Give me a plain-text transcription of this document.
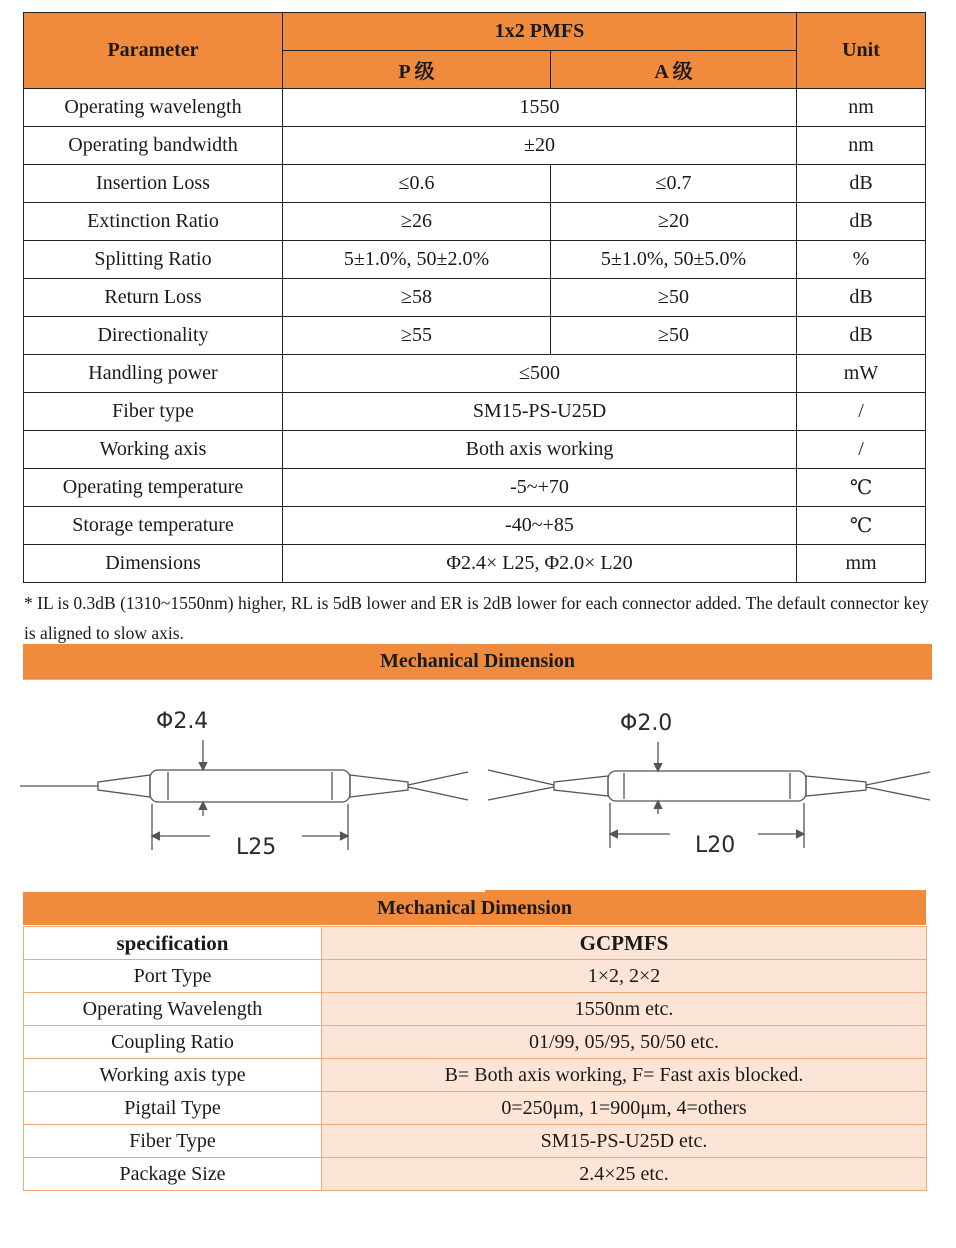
Parameter	1x2 PMFS		Unit
	P 级	A 级	
Operating wavelength	1550		nm
Operating bandwidth	±20		nm
Insertion Loss	≤0.6	≤0.7	dB
Extinction Ratio	≥26	≥20	dB
Splitting Ratio	5±1.0%, 50±2.0%	5±1.0%, 50±5.0%	%
Return Loss	≥58	≥50	dB
Directionality	≥55	≥50	dB
Handling power	≤500		mW
Fiber type	SM15-PS-U25D		/
Working axis	Both axis working		/
Operating temperature	-5~+70		℃
Storage temperature	-40~+85		℃
Dimensions	Φ2.4× L25, Φ2.0× L20		mm

* IL is 0.3dB (1310~1550nm) higher, RL is 5dB lower and ER is 2dB lower for each connector added. The default connector key is aligned to slow axis.

Mechanical Dimension
Φ2.4
L25
Φ2.0
L20
Mechanical Dimension
specification	GCPMFS
Port Type	1×2, 2×2
Operating Wavelength	1550nm etc.
Coupling Ratio	01/99, 05/95, 50/50 etc.
Working axis type	B= Both axis working, F= Fast axis blocked.
Pigtail Type	0=250μm, 1=900μm, 4=others
Fiber Type	SM15-PS-U25D etc.
Package Size	2.4×25 etc.
